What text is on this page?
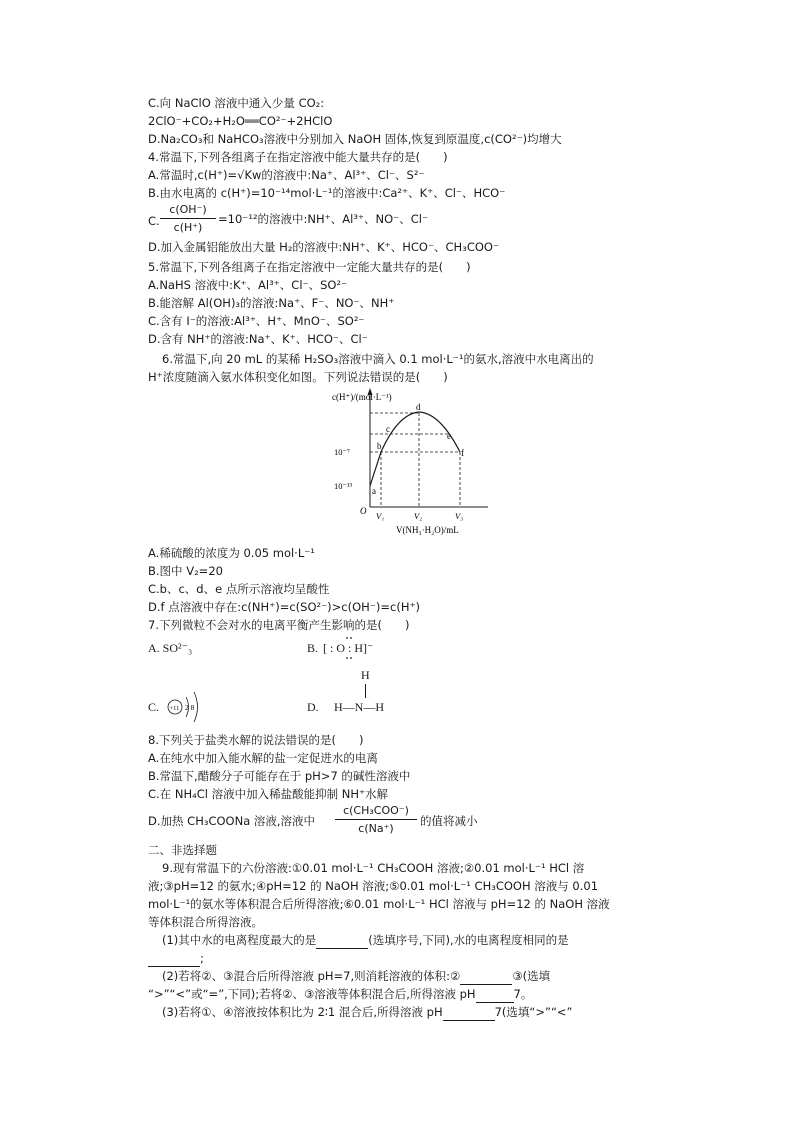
C.向 NaClO 溶液中通入少量 CO₂:
2ClO⁻+CO₂+H₂O══CO²⁻+2HClO
D.Na₂CO₃和 NaHCO₃溶液中分别加入 NaOH 固体,恢复到原温度,c(CO²⁻)均增大
4.常温下,下列各组离子在指定溶液中能大量共存的是(　　)
A.常温时,c(H⁺)=√Kw的溶液中:Na⁺、Al³⁺、Cl⁻、S²⁻
B.由水电离的 c(H⁺)=10⁻¹⁴mol·L⁻¹的溶液中:Ca²⁺、K⁺、Cl⁻、HCO⁻
C.
c(OH⁻)
c(H⁺)
=10⁻¹²的溶液中:NH⁺、Al³⁺、NO⁻、Cl⁻
D.加入金属铝能放出大量 H₂的溶液中:NH⁺、K⁺、HCO⁻、CH₃COO⁻
5.常温下,下列各组离子在指定溶液中一定能大量共存的是(　　)
A.NaHS 溶液中:K⁺、Al³⁺、Cl⁻、SO²⁻
B.能溶解 Al(OH)₃的溶液:Na⁺、F⁻、NO⁻、NH⁺
C.含有 I⁻的溶液:Al³⁺、H⁺、MnO⁻、SO²⁻
D.含有 NH⁺的溶液:Na⁺、K⁺、HCO⁻、Cl⁻
6.常温下,向 20 mL 的某稀 H₂SO₃溶液中滴入 0.1 mol·L⁻¹的氨水,溶液中水电离出的
H⁺浓度随滴入氨水体积变化如图。下列说法错误的是(　　)
c(H⁺)/(mol·L⁻¹)
10⁻⁷
10⁻¹³
O V₁	V₂	V₃
V(NH₃·H₂O)/mL
a
b
c
d
e
f
A.稀硫酸的浓度为 0.05 mol·L⁻¹
B.图中 V₂=20
C.b、c、d、e 点所示溶液均呈酸性
D.f 点溶液中存在:c(NH⁺)=c(SO²⁻)>c(OH⁻)=c(H⁺)
7.下列微粒不会对水的电离平衡产生影响的是(　　)
A. SO²⁻₃	B. [ : O : H]⁻
C. +11 2 8	D.
H
H—N—H
8.下列关于盐类水解的说法错误的是(　　)
A.在纯水中加入能水解的盐一定促进水的电离
B.常温下,醋酸分子可能存在于 pH>7 的碱性溶液中
C.在 NH₄Cl 溶液中加入稀盐酸能抑制 NH⁺水解
D.加热 CH₃COONa 溶液,溶液中
c(CH₃COO⁻)
c(Na⁺)
的值将减小
二、非选择题
9.现有常温下的六份溶液:①0.01 mol·L⁻¹ CH₃COOH 溶液;②0.01 mol·L⁻¹ HCl 溶
液;③pH=12 的氨水;④pH=12 的 NaOH 溶液;⑤0.01 mol·L⁻¹ CH₃COOH 溶液与 0.01
mol·L⁻¹的氨水等体积混合后所得溶液;⑥0.01 mol·L⁻¹ HCl 溶液与 pH=12 的 NaOH 溶液
等体积混合所得溶液。
(1)其中水的电离程度最大的是	(选填序号,下同),水的电离程度相同的是
;
(2)若将②、③混合后所得溶液 pH=7,则消耗溶液的体积:②	③(选填
“>”“<”或“=”,下同);若将②、③溶液等体积混合后,所得溶液 pH	7。
(3)若将①、④溶液按体积比为 2∶1 混合后,所得溶液 pH	7(选填“>”“<”
